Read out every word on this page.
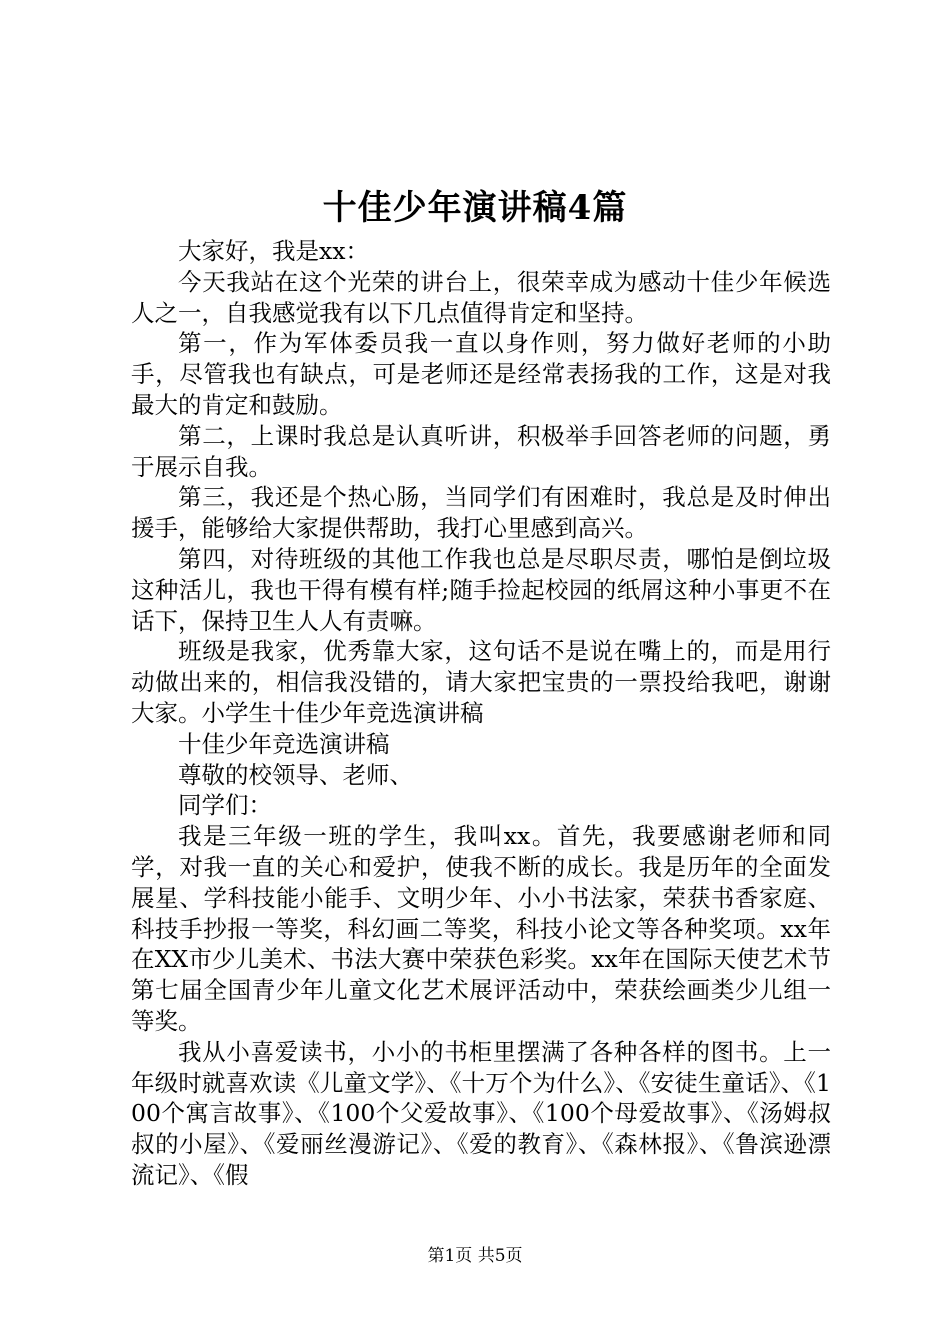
十佳少年演讲稿4篇

大家好，我是xx：

今天我站在这个光荣的讲台上，很荣幸成为感动十佳少年候选人之一，自我感觉我有以下几点值得肯定和坚持。

第一，作为军体委员我一直以身作则，努力做好老师的小助手，尽管我也有缺点，可是老师还是经常表扬我的工作，这是对我最大的肯定和鼓励。

第二，上课时我总是认真听讲，积极举手回答老师的问题，勇于展示自我。

第三，我还是个热心肠，当同学们有困难时，我总是及时伸出援手，能够给大家提供帮助，我打心里感到高兴。

第四，对待班级的其他工作我也总是尽职尽责，哪怕是倒垃圾这种活儿，我也干得有模有样;随手捡起校园的纸屑这种小事更不在话下，保持卫生人人有责嘛。

班级是我家，优秀靠大家，这句话不是说在嘴上的，而是用行动做出来的，相信我没错的，请大家把宝贵的一票投给我吧，谢谢大家。小学生十佳少年竞选演讲稿

十佳少年竞选演讲稿

尊敬的校领导、老师、

同学们：

我是三年级一班的学生，我叫xx。首先，我要感谢老师和同学，对我一直的关心和爱护，使我不断的成长。我是历年的全面发展星、学科技能小能手、文明少年、小小书法家，荣获书香家庭、科技手抄报一等奖，科幻画二等奖，科技小论文等各种奖项。xx年在XX市少儿美术、书法大赛中荣获色彩奖。xx年在国际天使艺术节第七届全国青少年儿童文化艺术展评活动中，荣获绘画类少儿组一等奖。

我从小喜爱读书，小小的书柜里摆满了各种各样的图书。上一年级时就喜欢读《儿童文学》、《十万个为什么》、《安徒生童话》、《100个寓言故事》、《100个父爱故事》、《100个母爱故事》、《汤姆叔叔的小屋》、《爱丽丝漫游记》、《爱的教育》、《森林报》、《鲁滨逊漂流记》、《假

第1页 共5页
